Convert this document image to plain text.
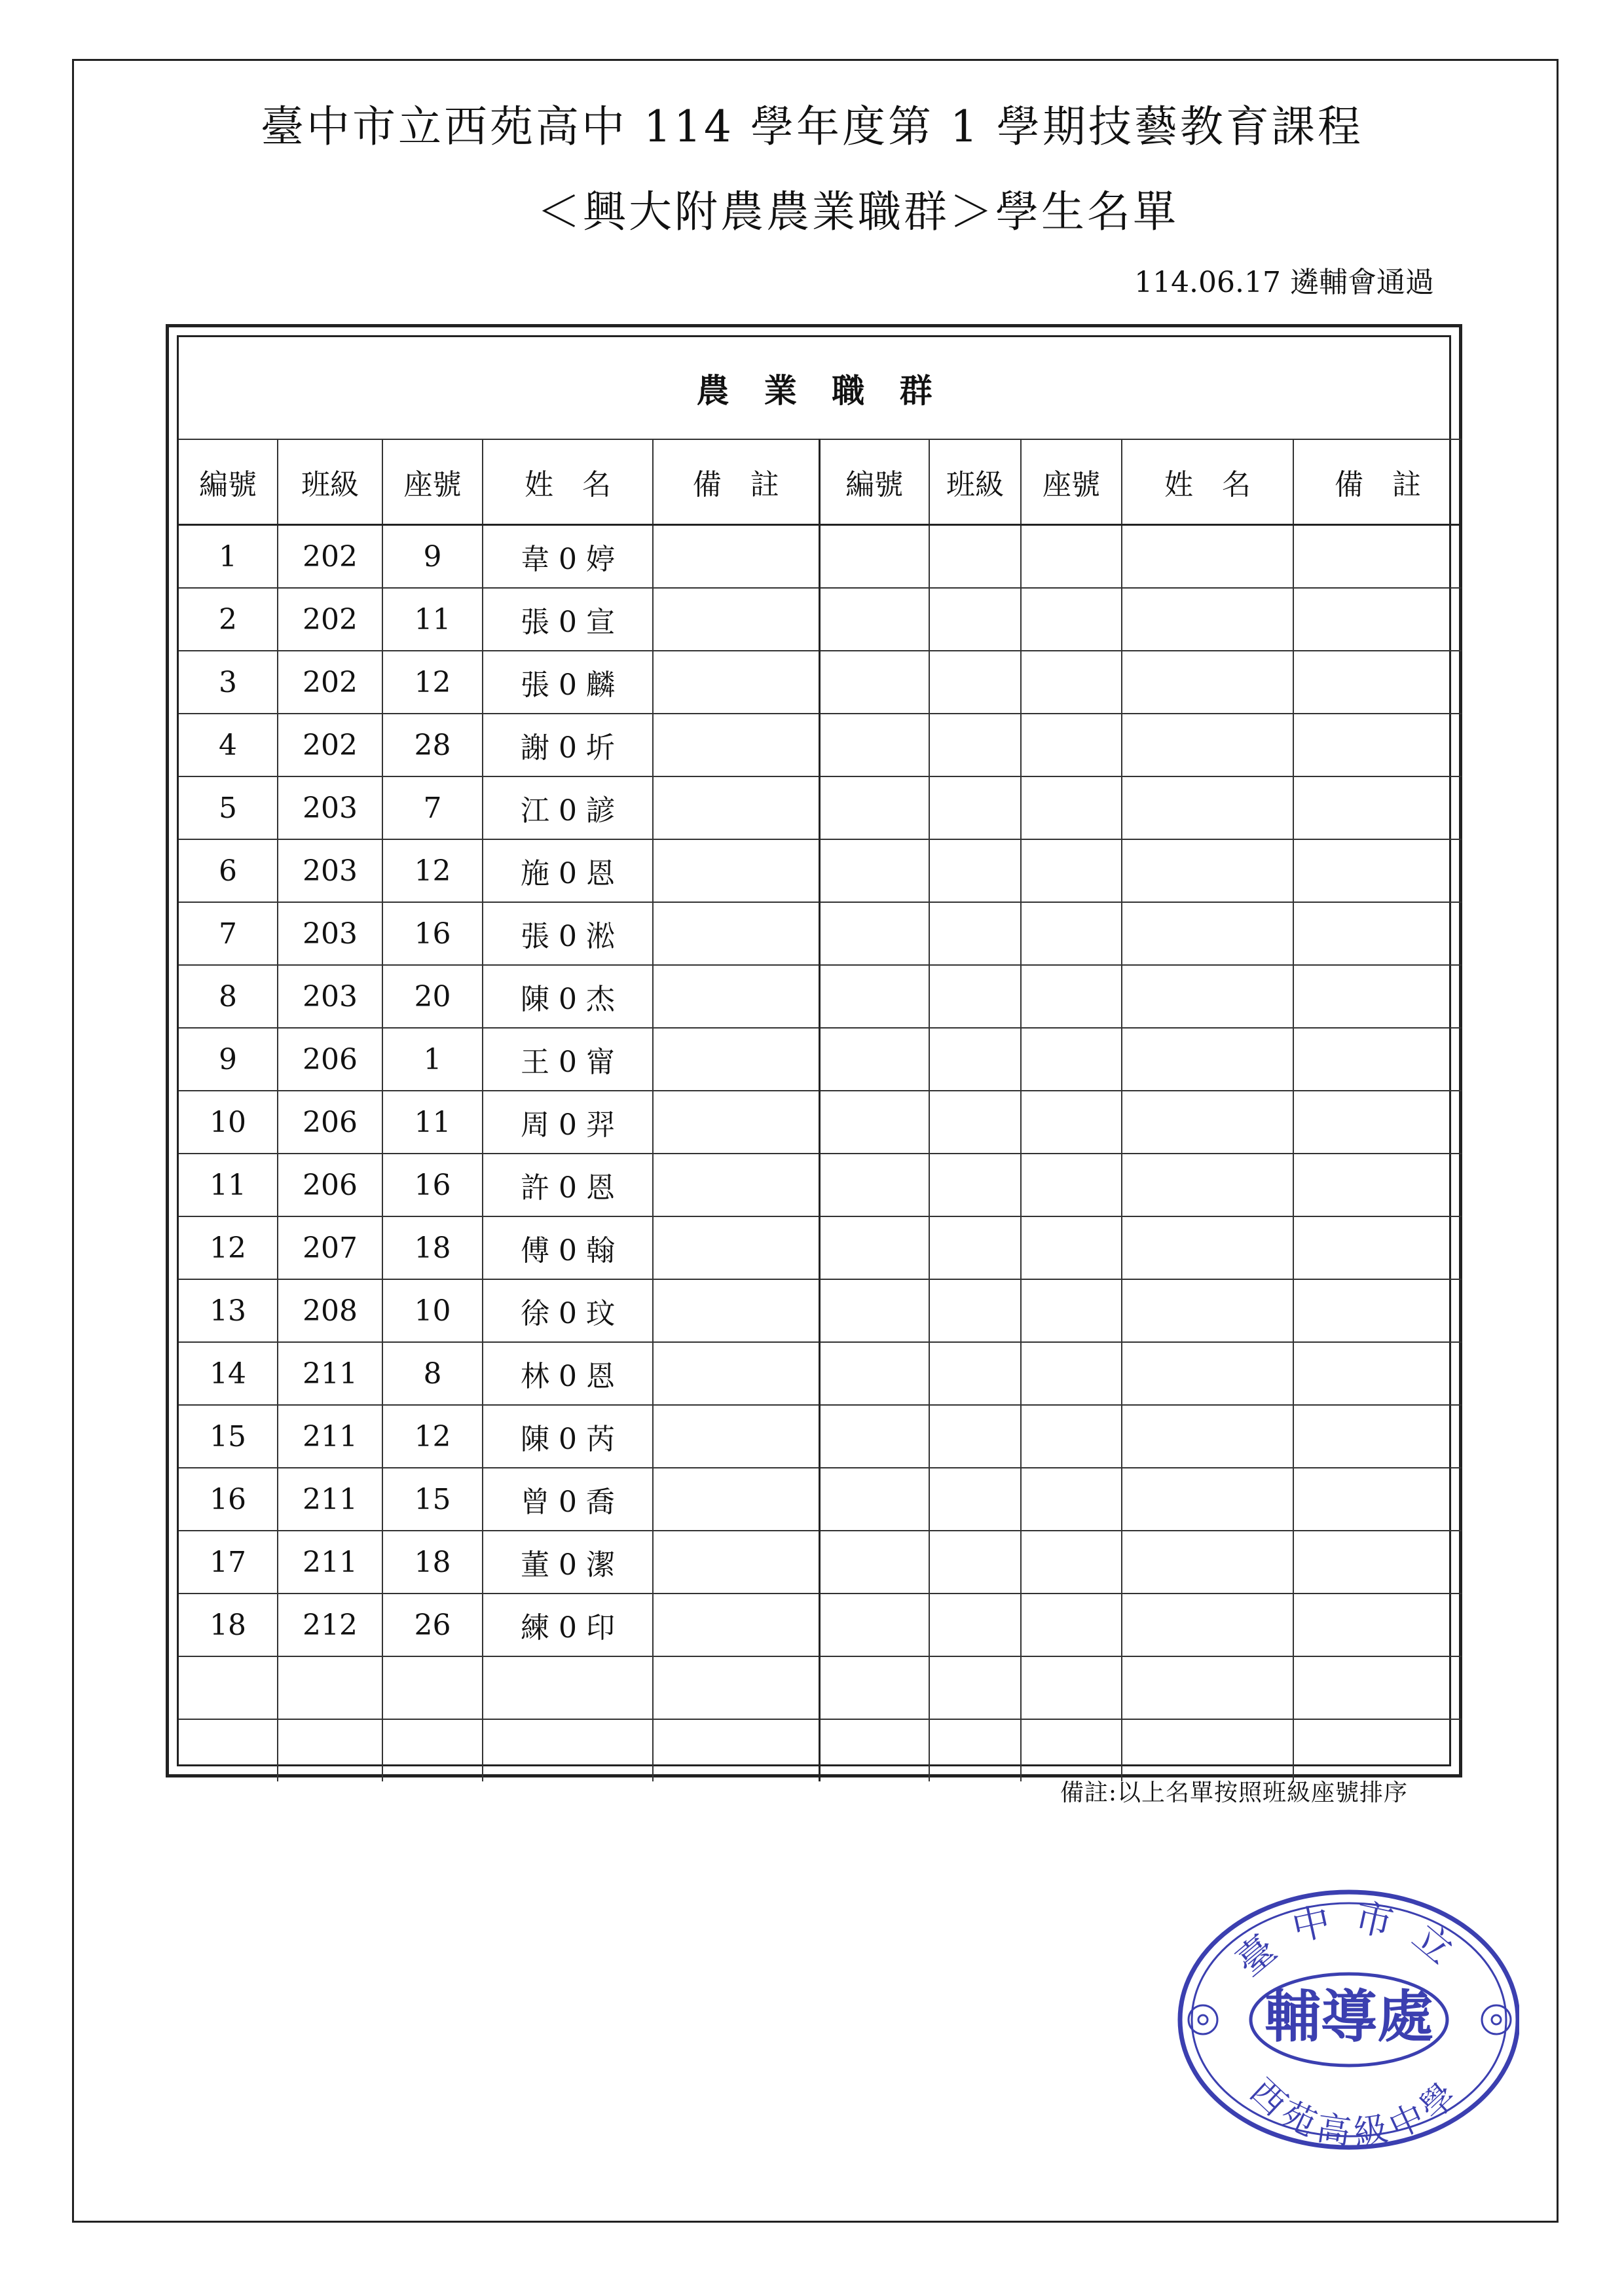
臺中市立西苑高中 114 學年度第 1 學期技藝教育課程
＜興大附農農業職群＞學生名單
114.06.17 遴輔會通過
農 業 職 群									
編號	班級	座號	姓　名	備　註	編號	班級	座號	姓　名	備　註
1	202	9	韋 0 婷						
2	202	11	張 0 宣						
3	202	12	張 0 麟						
4	202	28	謝 0 圻						
5	203	7	江 0 諺						
6	203	12	施 0 恩						
7	203	16	張 0 淞						
8	203	20	陳 0 杰						
9	206	1	王 0 甯						
10	206	11	周 0 羿						
11	206	16	許 0 恩						
12	207	18	傅 0 翰						
13	208	10	徐 0 玟						
14	211	8	林 0 恩						
15	211	12	陳 0 芮						
16	211	15	曾 0 喬						
17	211	18	董 0 潔						
18	212	26	練 0 印						

備註:以上名單按照班級座號排序
臺中市立
輔導處
西苑高級中學
